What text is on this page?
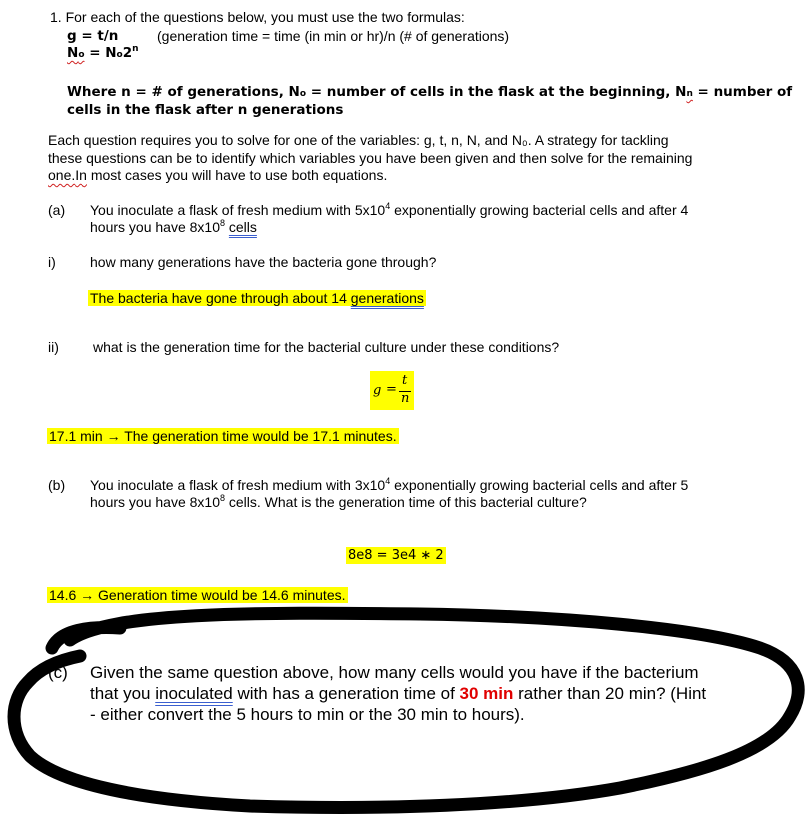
1. For each of the questions below, you must use the two formulas:
g = t/n	(generation time = time (in min or hr)/n (# of generations)
$No = No2^n$
Where n = # of generations, No = number of cells in the flask at the beginning, Nn = number of
cells in the flask after n generations
Each question requires you to solve for one of the variables: g, t, n, N, and N₀. A strategy for tackling
these questions can be to identify which variables you have been given and then solve for the remaining
one.In most cases you will have to use both equations.
(a) You inoculate a flask of fresh medium with $5x10^4$ exponentially growing bacterial cells and after 4
hours you have $8x10^8$ cells
i) how many generations have the bacteria gone through?
The bacteria have gone through about 14 generations
ii) what is the generation time for the bacterial culture under these conditions?
g =
t
n
17.1 min → The generation time would be 17.1 minutes.
(b) You inoculate a flask of fresh medium with $3x10^4$ exponentially growing bacterial cells and after 5
hours you have $8x10^8$ cells. What is the generation time of this bacterial culture?
8e8 = 3e4 ∗ 2
14.6 → Generation time would be 14.6 minutes.
(c) Given the same question above, how many cells would you have if the bacterium
that you inoculated with has a generation time of 30 min rather than 20 min? (Hint
- either convert the 5 hours to min or the 30 min to hours).
